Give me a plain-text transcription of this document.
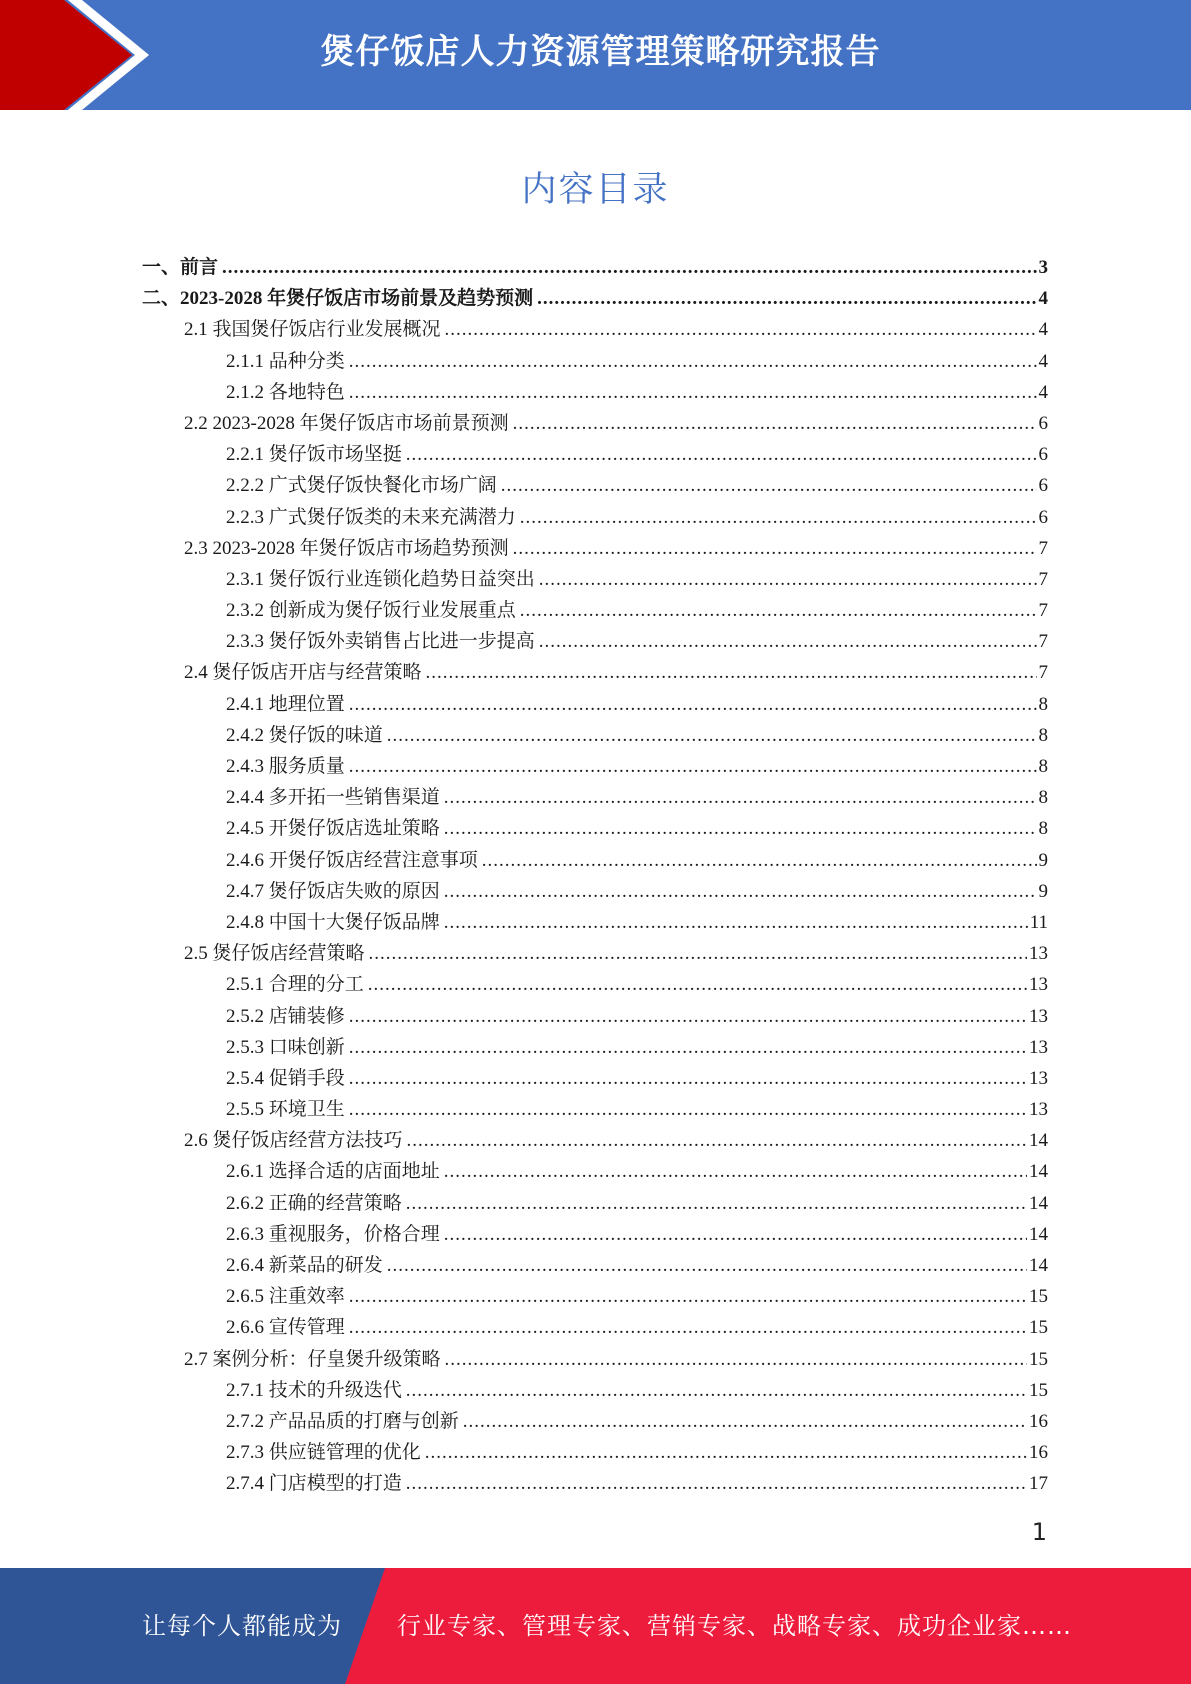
煲仔饭店人力资源管理策略研究报告
内容目录
一、前言 .....	3
二、2023-2028 年煲仔饭店市场前景及趋势预测 .....	4
2.1 我国煲仔饭店行业发展概况 .....	4
2.1.1 品种分类 .....	4
2.1.2 各地特色 .....	4
2.2 2023-2028 年煲仔饭店市场前景预测 .....	6
2.2.1 煲仔饭市场坚挺 .....	6
2.2.2 广式煲仔饭快餐化市场广阔 .....	6
2.2.3 广式煲仔饭类的未来充满潜力 .....	6
2.3 2023-2028 年煲仔饭店市场趋势预测 .....	7
2.3.1 煲仔饭行业连锁化趋势日益突出 .....	7
2.3.2 创新成为煲仔饭行业发展重点 .....	7
2.3.3 煲仔饭外卖销售占比进一步提高 .....	7
2.4 煲仔饭店开店与经营策略 .....	7
2.4.1 地理位置 .....	8
2.4.2 煲仔饭的味道 .....	8
2.4.3 服务质量 .....	8
2.4.4 多开拓一些销售渠道 .....	8
2.4.5 开煲仔饭店选址策略 .....	8
2.4.6 开煲仔饭店经营注意事项 .....	9
2.4.7 煲仔饭店失败的原因 .....	9
2.4.8 中国十大煲仔饭品牌 .....	11
2.5 煲仔饭店经营策略 .....	13
2.5.1 合理的分工 .....	13
2.5.2 店铺装修 .....	13
2.5.3 口味创新 .....	13
2.5.4 促销手段 .....	13
2.5.5 环境卫生 .....	13
2.6 煲仔饭店经营方法技巧 .....	14
2.6.1 选择合适的店面地址 .....	14
2.6.2 正确的经营策略 .....	14
2.6.3 重视服务，价格合理 .....	14
2.6.4 新菜品的研发 .....	14
2.6.5 注重效率 .....	15
2.6.6 宣传管理 .....	15
2.7 案例分析：仔皇煲升级策略 .....	15
2.7.1 技术的升级迭代 .....	15
2.7.2 产品品质的打磨与创新 .....	16
2.7.3 供应链管理的优化 .....	16
2.7.4 门店模型的打造 .....	17
1
让每个人都能成为 行业专家、管理专家、营销专家、战略专家、成功企业家……
